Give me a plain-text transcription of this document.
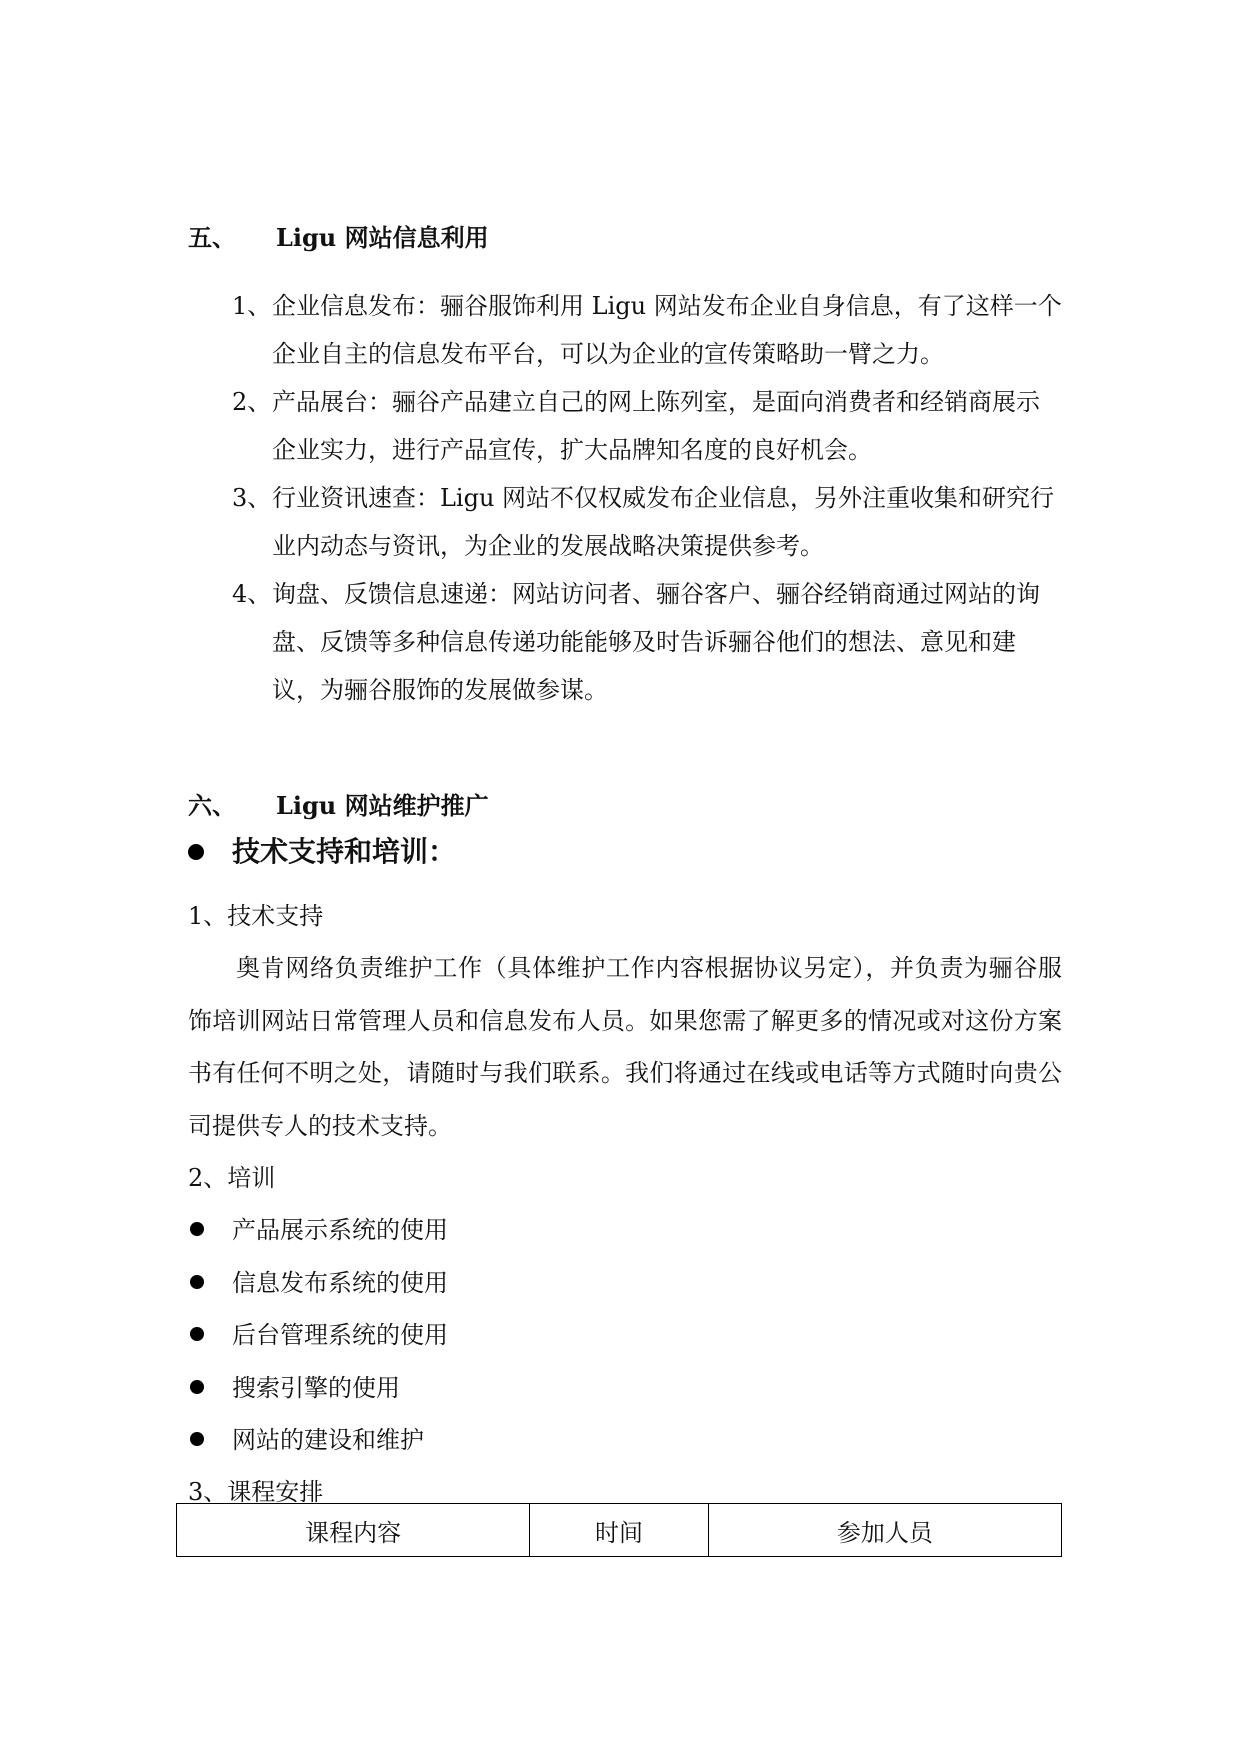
五、 Ligu 网站信息利用
1、 企业信息发布：骊谷服饰利用 Ligu 网站发布企业自身信息，有了这样一个企业自主的信息发布平台，可以为企业的宣传策略助一臂之力。
2、 产品展台：骊谷产品建立自己的网上陈列室，是面向消费者和经销商展示企业实力，进行产品宣传，扩大品牌知名度的良好机会。
3、 行业资讯速查：Ligu 网站不仅权威发布企业信息，另外注重收集和研究行业内动态与资讯，为企业的发展战略决策提供参考。
4、 询盘、反馈信息速递：网站访问者、骊谷客户、骊谷经销商通过网站的询盘、反馈等多种信息传递功能能够及时告诉骊谷他们的想法、意见和建议，为骊谷服饰的发展做参谋。
六、 Ligu 网站维护推广
技术支持和培训：
1、技术支持
奥肯网络负责维护工作（具体维护工作内容根据协议另定），并负责为骊谷服饰培训网站日常管理人员和信息发布人员。如果您需了解更多的情况或对这份方案书有任何不明之处，请随时与我们联系。我们将通过在线或电话等方式随时向贵公司提供专人的技术支持。
2、培训
产品展示系统的使用
信息发布系统的使用
后台管理系统的使用
搜索引擎的使用
网站的建设和维护
3、课程安排
课程内容	时间	参加人员
